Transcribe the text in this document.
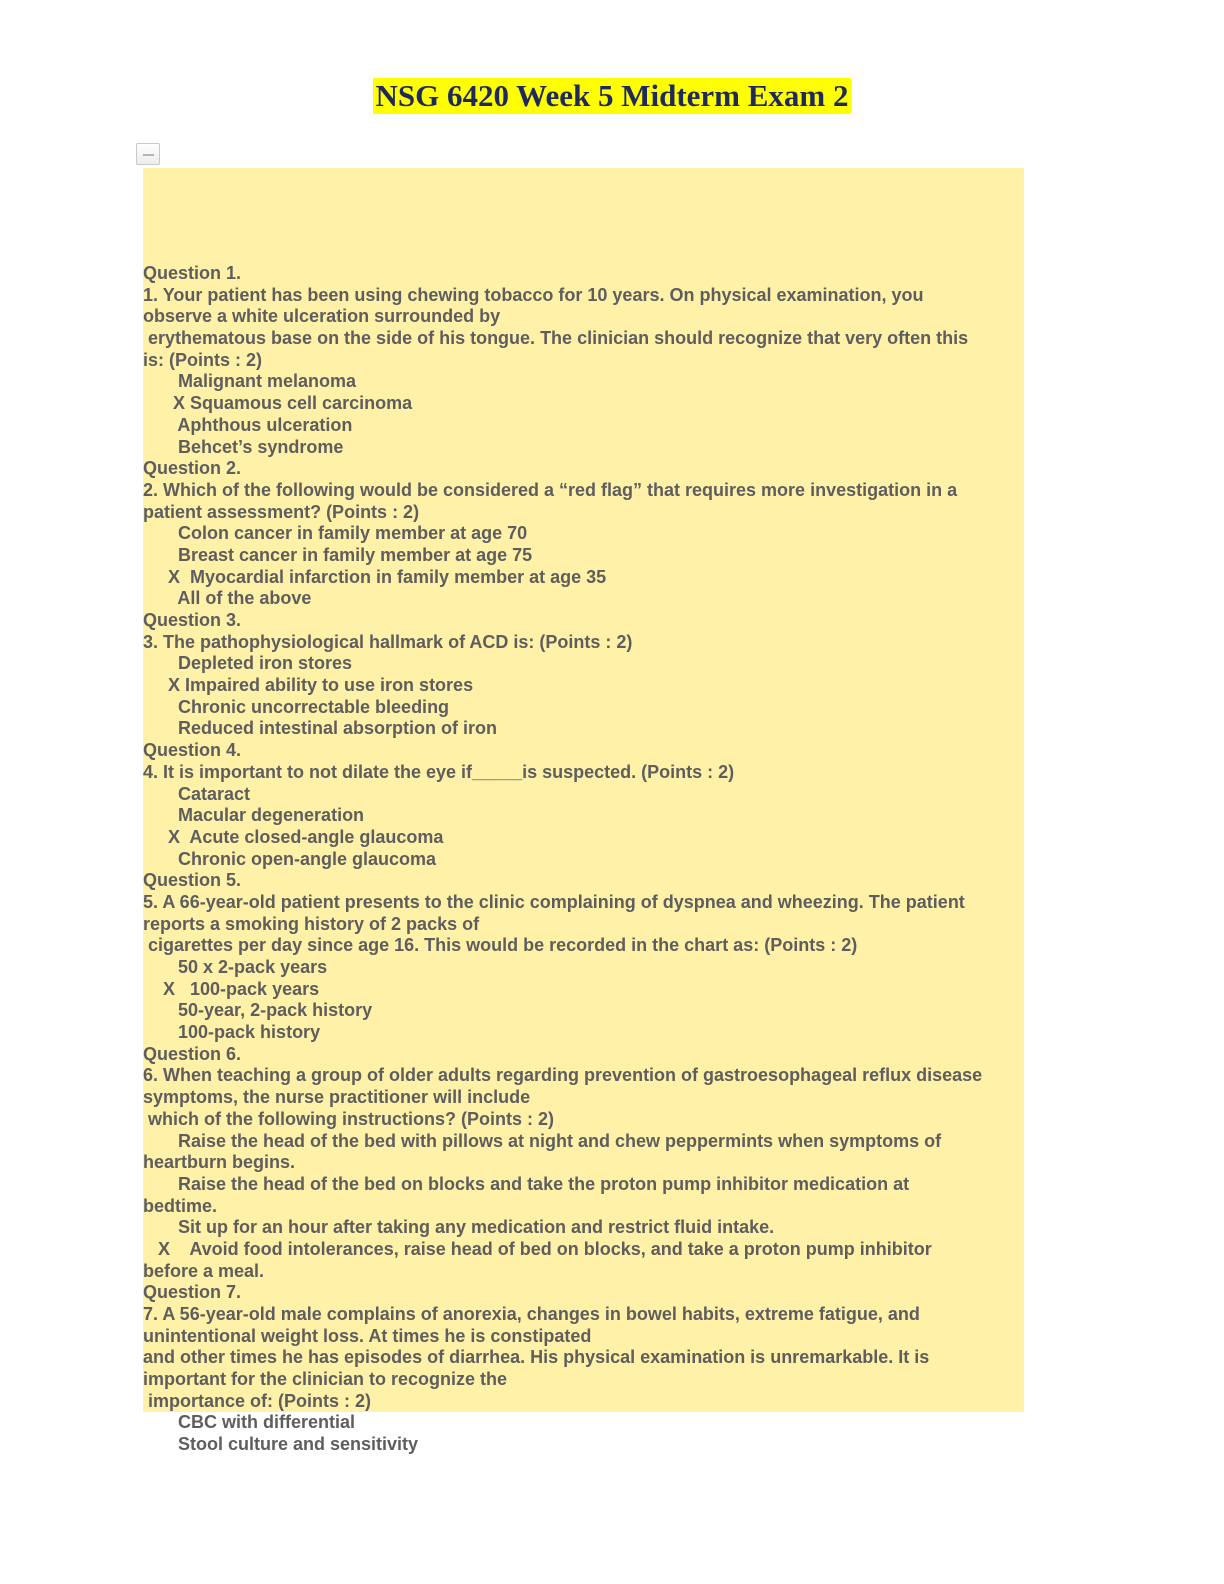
NSG 6420 Week 5 Midterm Exam 2
Question 1.
1. Your patient has been using chewing tobacco for 10 years. On physical examination, you
observe a white ulceration surrounded by
erythematous base on the side of his tongue. The clinician should recognize that very often this
is: (Points : 2)
Malignant melanoma
X Squamous cell carcinoma
Aphthous ulceration
Behcet’s syndrome
Question 2.
2. Which of the following would be considered a “red flag” that requires more investigation in a
patient assessment? (Points : 2)
Colon cancer in family member at age 70
Breast cancer in family member at age 75
X  Myocardial infarction in family member at age 35
All of the above
Question 3.
3. The pathophysiological hallmark of ACD is: (Points : 2)
Depleted iron stores
X Impaired ability to use iron stores
Chronic uncorrectable bleeding
Reduced intestinal absorption of iron
Question 4.
4. It is important to not dilate the eye if_____is suspected. (Points : 2)
Cataract
Macular degeneration
X  Acute closed-angle glaucoma
Chronic open-angle glaucoma
Question 5.
5. A 66-year-old patient presents to the clinic complaining of dyspnea and wheezing. The patient
reports a smoking history of 2 packs of
cigarettes per day since age 16. This would be recorded in the chart as: (Points : 2)
50 x 2-pack years
X   100-pack years
50-year, 2-pack history
100-pack history
Question 6.
6. When teaching a group of older adults regarding prevention of gastroesophageal reflux disease
symptoms, the nurse practitioner will include
which of the following instructions? (Points : 2)
Raise the head of the bed with pillows at night and chew peppermints when symptoms of
heartburn begins.
Raise the head of the bed on blocks and take the proton pump inhibitor medication at
bedtime.
Sit up for an hour after taking any medication and restrict fluid intake.
X    Avoid food intolerances, raise head of bed on blocks, and take a proton pump inhibitor
before a meal.
Question 7.
7. A 56-year-old male complains of anorexia, changes in bowel habits, extreme fatigue, and
unintentional weight loss. At times he is constipated
and other times he has episodes of diarrhea. His physical examination is unremarkable. It is
important for the clinician to recognize the
importance of: (Points : 2)
CBC with differential
Stool culture and sensitivity
